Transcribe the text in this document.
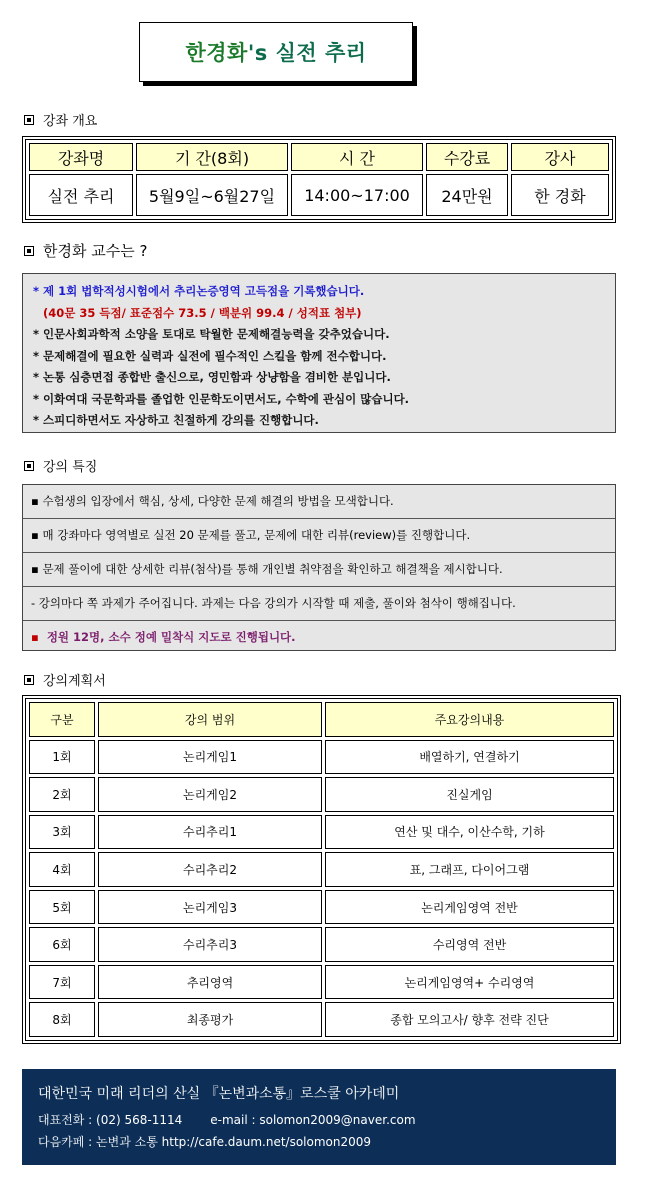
한경화 's 실전 추리
강좌 개요
강좌명	기 간(8회)	시 간	수강료	강사
실전 추리	5월9일~6월27일	14:00~17:00	24만원	한 경화
한경화 교수는 ?
* 제 1회 법학적성시험에서 추리논증영역 고득점을 기록했습니다.
(40문 35 득점/ 표준점수 73.5 / 백분위 99.4 / 성적표 첨부)
* 인문사회과학적 소양을 토대로 탁월한 문제해결능력을 갖추었습니다.
* 문제해결에 필요한 실력과 실전에 필수적인 스킬을 함께 전수합니다.
* 논통 심층면접 종합반 출신으로, 영민함과 상냥함을 겸비한 분입니다.
* 이화여대 국문학과를 졸업한 인문학도이면서도, 수학에 관심이 많습니다.
* 스피디하면서도 자상하고 친절하게 강의를 진행합니다.
강의 특징
▪ 수험생의 입장에서 핵심, 상세, 다양한 문제 해결의 방법을 모색합니다.
▪ 매 강좌마다 영역별로 실전 20 문제를 풀고, 문제에 대한 리뷰(review)를 진행합니다.
▪ 문제 풀이에 대한 상세한 리뷰(첨삭)를 통해 개인별 취약점을 확인하고 해결책을 제시합니다.
- 강의마다 쪽 과제가 주어집니다. 과제는 다음 강의가 시작할 때 제출, 풀이와 첨삭이 행해집니다.
▪ 정원 12명, 소수 정예 밀착식 지도로 진행됩니다.
강의계획서
구분	강의 범위	주요강의내용
1회	논리게임1	배열하기, 연결하기
2회	논리게임2	진실게임
3회	수리추리1	연산 및 대수, 이산수학, 기하
4회	수리추리2	표, 그래프, 다이어그램
5회	논리게임3	논리게임영역 전반
6회	수리추리3	수리영역 전반
7회	추리영역	논리게임영역+ 수리영역
8회	최종평가	종합 모의고사/ 향후 전략 진단
대한민국 미래 리더의 산실 『논변과소통』로스쿨 아카데미
대표전화 : (02) 568-1114 e-mail : solomon2009@naver.com
다음카페 : 논변과 소통 http://cafe.daum.net/solomon2009
